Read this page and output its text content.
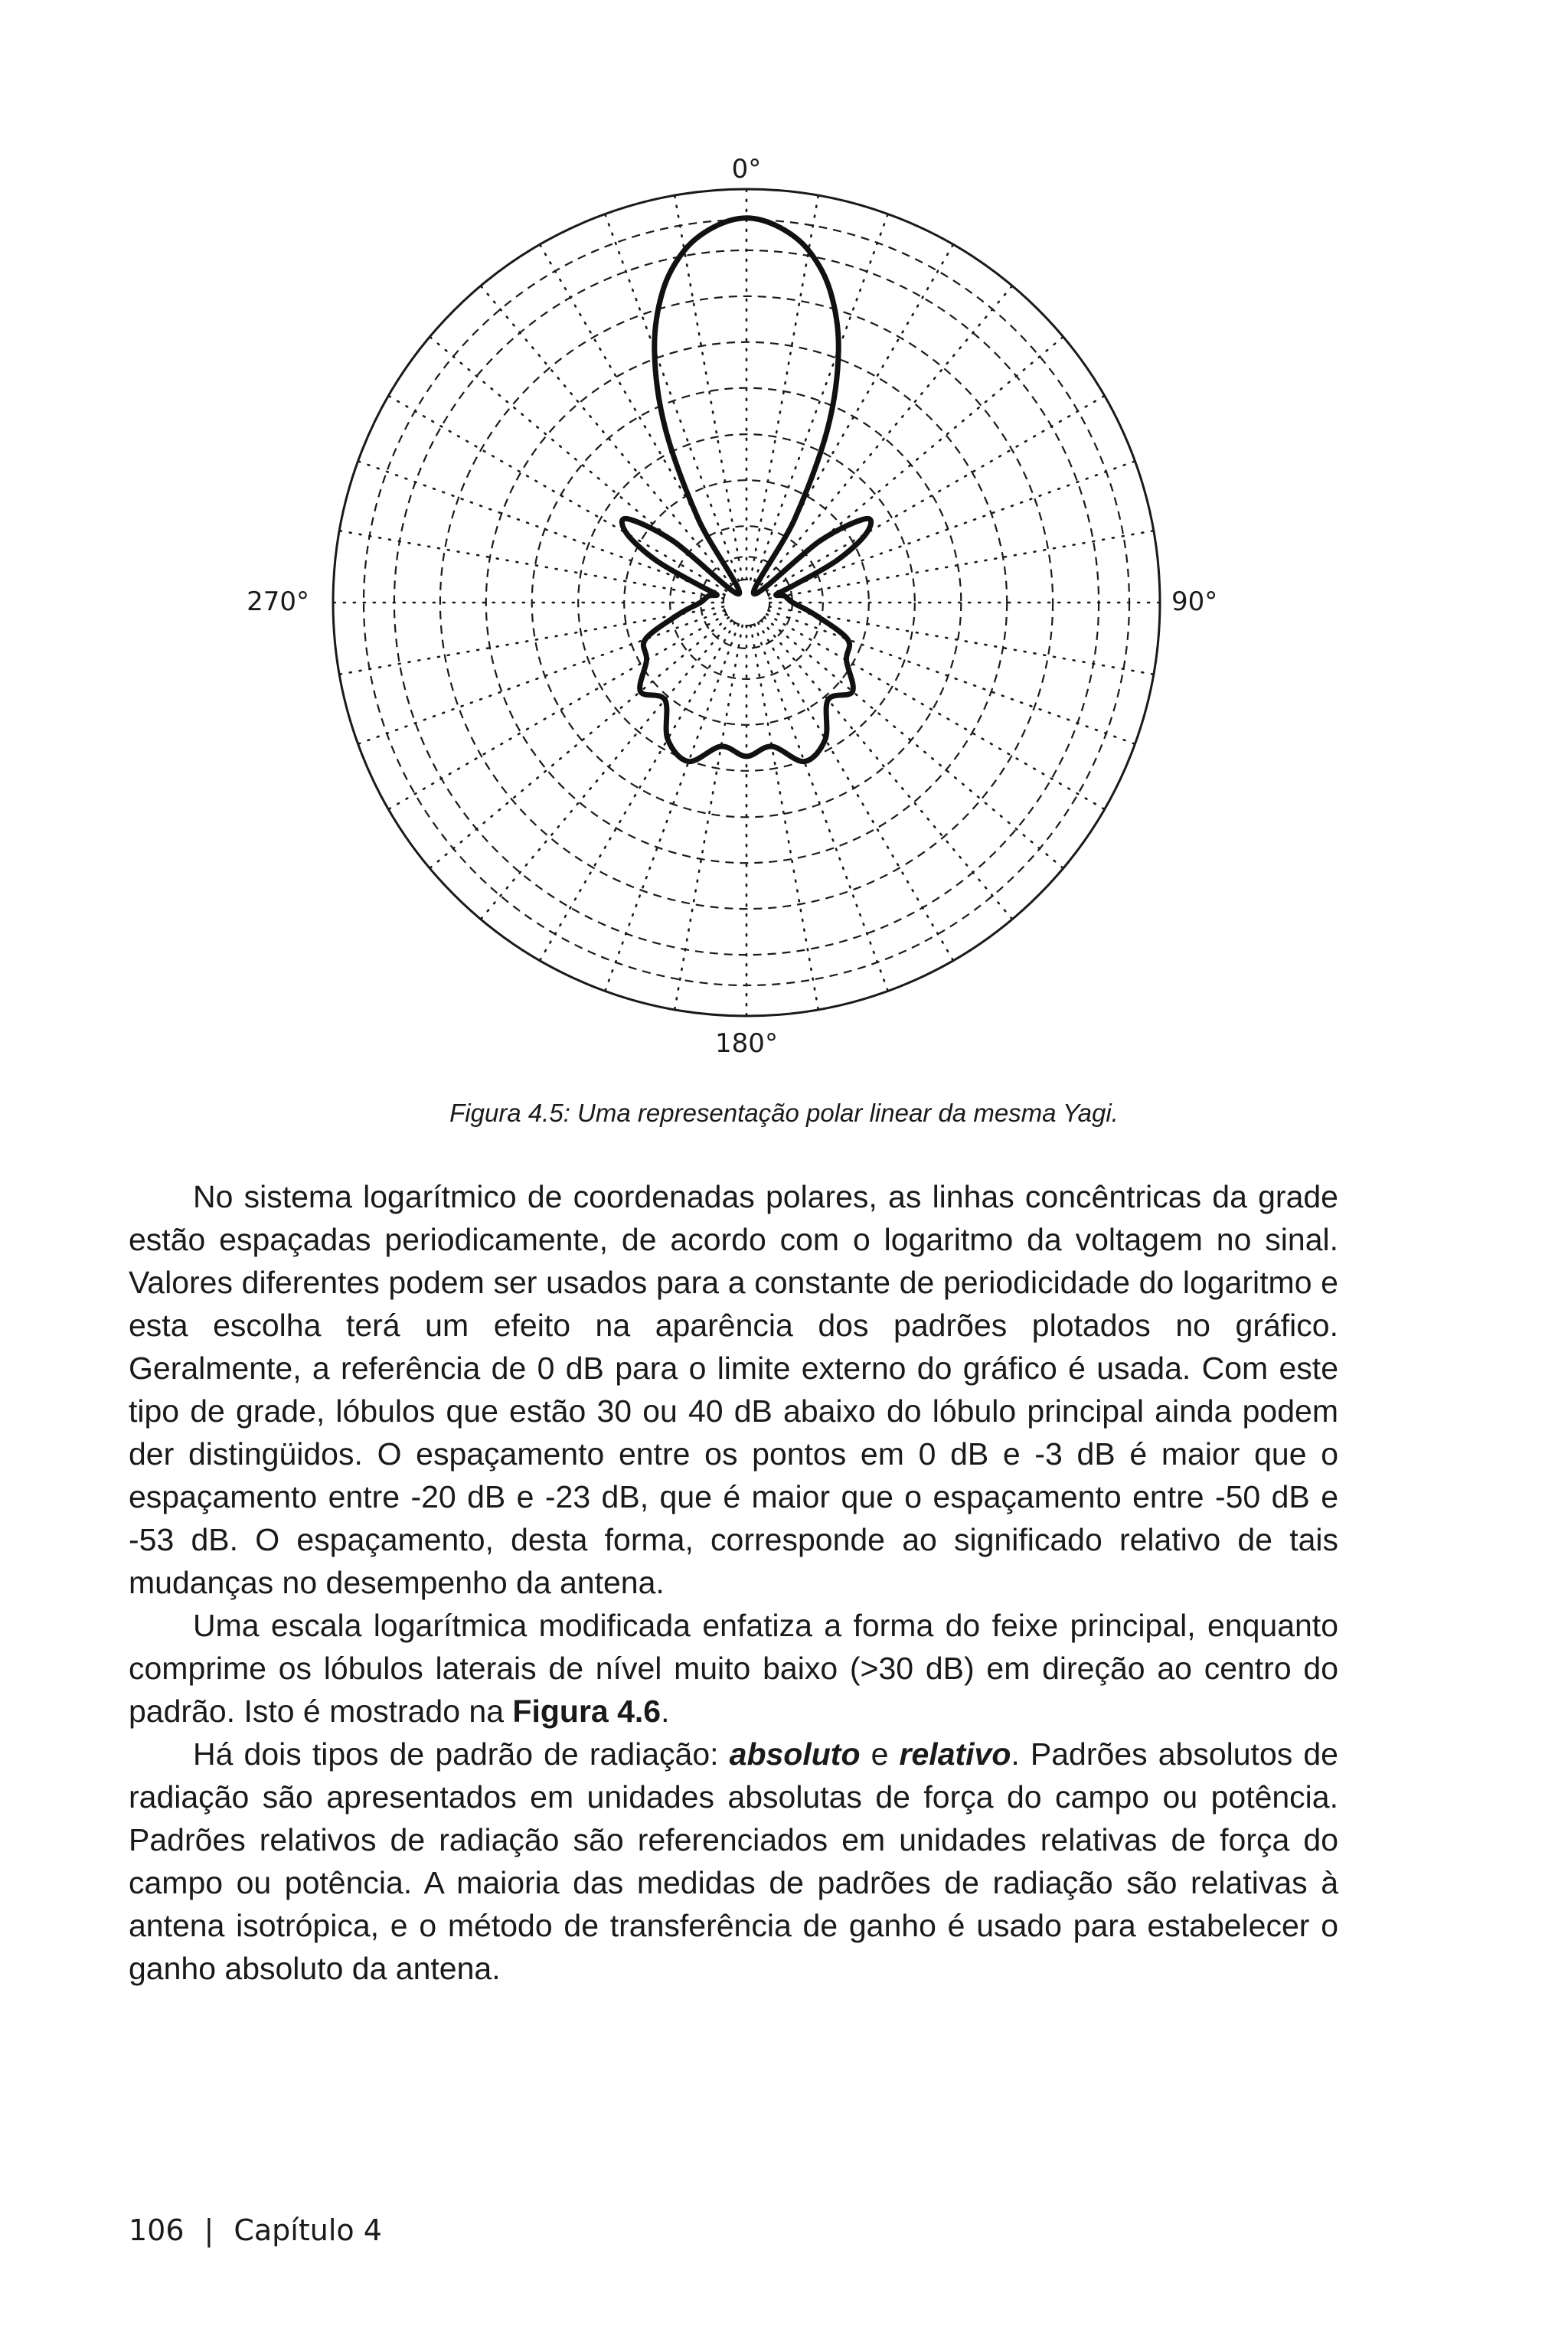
0°
90°
180°
270°
Figura 4.5: Uma representação polar linear da mesma Yagi.

No sistema logarítmico de coordenadas polares, as linhas concêntricas da grade estão espaçadas periodicamente, de acordo com o logaritmo da voltagem no sinal. Valores diferentes podem ser usados para a constante de periodicidade do logaritmo e esta escolha terá um efeito na aparência dos padrões plotados no gráfico. Geralmente, a referência de 0 dB para o limite externo do gráfico é usada. Com este tipo de grade, lóbulos que estão 30 ou 40 dB abaixo do lóbulo principal ainda podem der distingüidos. O espaçamento entre os pontos em 0 dB e -3 dB é maior que o espaçamento entre -20 dB e -23 dB, que é maior que o espaçamento entre -50 dB e -53 dB. O espaçamento, desta forma, corresponde ao significado relativo de tais mudanças no desempenho da antena.

Uma escala logarítmica modificada enfatiza a forma do feixe principal, enquanto comprime os lóbulos laterais de nível muito baixo (>30 dB) em direção ao centro do padrão. Isto é mostrado na Figura 4.6.

Há dois tipos de padrão de radiação: absoluto e relativo. Padrões absolutos de radiação são apresentados em unidades absolutas de força do campo ou potência. Padrões relativos de radiação são referenciados em unidades relativas de força do campo ou potência. A maioria das medidas de padrões de radiação são relativas à antena isotrópica, e o método de transferência de ganho é usado para estabelecer o ganho absoluto da antena.

106 | Capítulo 4
